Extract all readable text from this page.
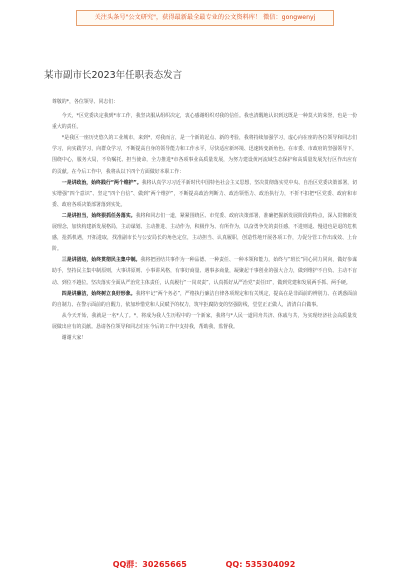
关注头条号"公文研究"，获得最新最全最专业的公文资料库！ 微信：gongwenyj
某市副市长2023年任职表态发言

尊敬的*，各位领导、同志们：

今天，*区党委决定我到*市工作，我坚决服从组织决定，衷心感谢组织对我的信任。我也清醒地认识到这既是一种莫大的荣誉，也是一份重大的责任。

*是我区一座历史悠久的工业城市，来到*，对我而言，是一个新的起点、新的考验，我将持续加强学习，虚心向在座的各位领导和同志们学习，向实践学习，向群众学习，不断提高自身的领导能力和工作水平，尽快适应新环境、迅速转变新角色。在市委、市政府的坚强领导下，围绕中心，服务大局，不负嘱托、担当使命，全力推进*市各项事业高质量发展，为努力建设黄河流域生态保护和高质量发展先行区作出应有的贡献。在今后工作中，我将从以下四个方面做好本职工作：

一是讲政治，始终践行“两个维护”。我将认真学习习近平新时代中国特色社会主义思想，坚决贯彻落实党中央、自治区党委决策部署，切实增强“四个意识”、坚定“四个自信”、做到“两个维护”，不断提高政治判断力、政治领悟力、政治执行力，不折不扣把*区党委、政府和市委、政府各项决策部署落到实处。

二是讲担当，始终狠抓任务落实。我将和同志们一道，紧紧围绕区、市党委、政府决策部署，准确把握新发展阶段的特点，深入贯彻新发展理念，加快构建新发展格局，主动谋划、主动推进、主动作为，积极作为、有所作为，以奋勇争先的责任感，不进则退、慢进也是退的危机感，抢抓机遇，开拓进取，找准副市长与公安局长的角色定位，主动担当、认真履职，创造性地开展各项工作，力促分管工作出成效、上台阶。

三是讲团结，始终贯彻民主集中制。我将把团结共事作为一种品德、一种责任、一种本领和能力，始终与“班长”同心同力同向，做好参谋助手，坚持民主集中制原则，大事讲原则、小事讲风格，有事好商量、遇事多商量，凝聚起干事创业的强大合力，做到维护不自负、主动不盲动、到位不越位。坚决落实全面从严治党主体责任，认真履行“一岗双责”，认真抓好从严治党“责任田”，做到党建和发展两手抓、两手硬。

四是讲廉洁，始终树立良好形象。我将牢记“两个务必”，严格执行廉洁自律各项规定和有关规定，提高在是非面前的辨别力、在诱惑面前的自制力、在警示面前的自醒力，依加珍惜党和人民赋予的权力，筑牢拒腐防变的坚强防线，堂堂正正做人，清清白白做事。

从今天开始，我就是一名*人了。*，将成为我人生历程中的一个新家，我将与*人民一道同舟共济、休戚与共，为实现经济社会高质量发展做出应有的贡献。恳请各位领导和同志们在今后的工作中支持我，帮助我，监督我。

谢谢大家！

QQ群：30265665	QQ: 535304092
